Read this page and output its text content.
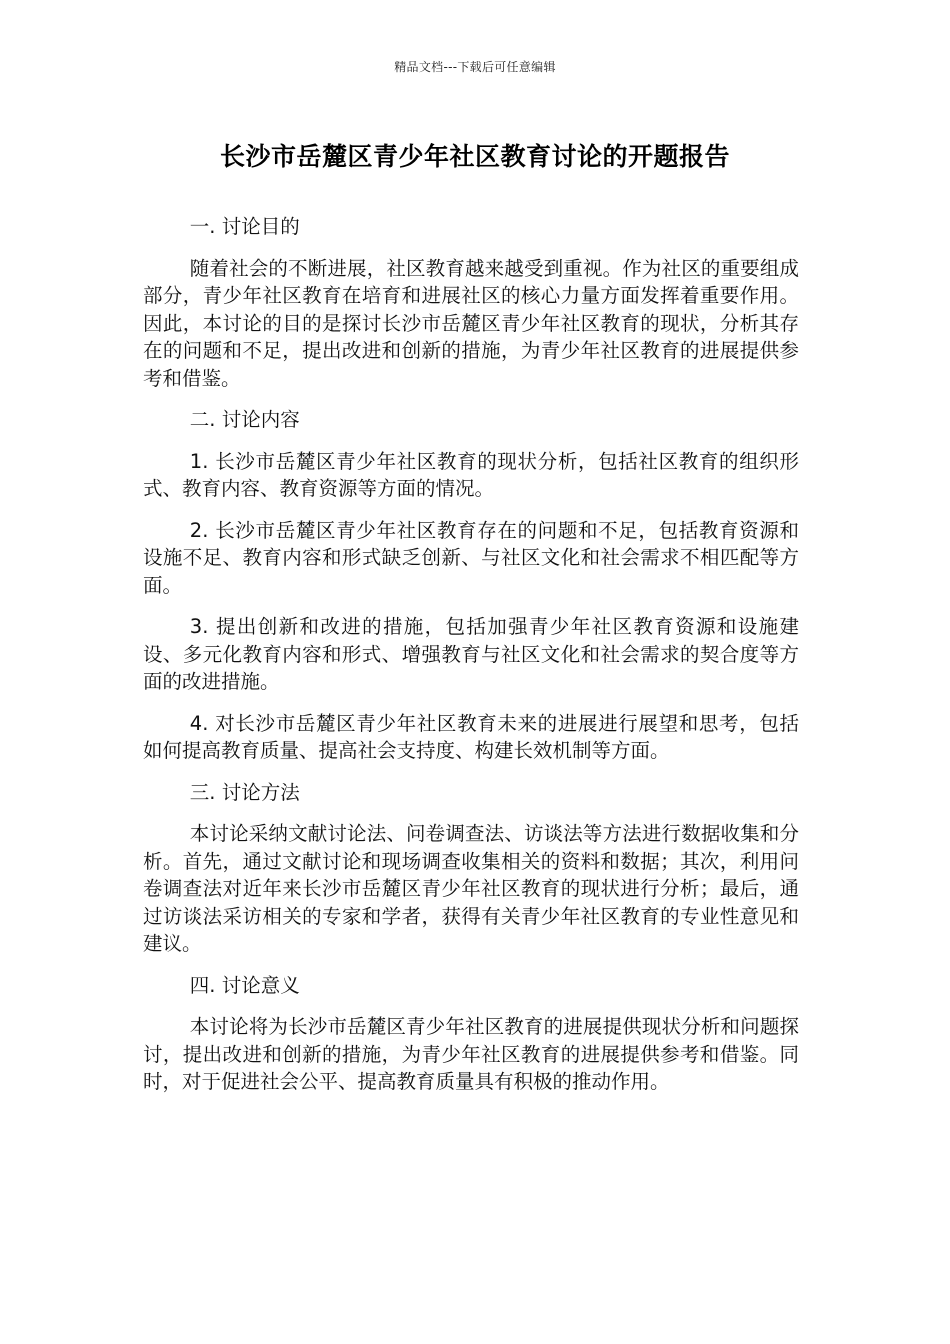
精品文档---下载后可任意编辑
长沙市岳麓区青少年社区教育讨论的开题报告

一. 讨论目的

随着社会的不断进展，社区教育越来越受到重视。作为社区的重要组成部分，青少年社区教育在培育和进展社区的核心力量方面发挥着重要作用。因此，本讨论的目的是探讨长沙市岳麓区青少年社区教育的现状，分析其存在的问题和不足，提出改进和创新的措施，为青少年社区教育的进展提供参考和借鉴。

二. 讨论内容

1. 长沙市岳麓区青少年社区教育的现状分析，包括社区教育的组织形式、教育内容、教育资源等方面的情况。

2. 长沙市岳麓区青少年社区教育存在的问题和不足，包括教育资源和设施不足、教育内容和形式缺乏创新、与社区文化和社会需求不相匹配等方面。

3. 提出创新和改进的措施，包括加强青少年社区教育资源和设施建设、多元化教育内容和形式、增强教育与社区文化和社会需求的契合度等方面的改进措施。

4. 对长沙市岳麓区青少年社区教育未来的进展进行展望和思考，包括如何提高教育质量、提高社会支持度、构建长效机制等方面。

三. 讨论方法

本讨论采纳文献讨论法、问卷调查法、访谈法等方法进行数据收集和分析。首先，通过文献讨论和现场调查收集相关的资料和数据；其次，利用问卷调查法对近年来长沙市岳麓区青少年社区教育的现状进行分析；最后，通过访谈法采访相关的专家和学者，获得有关青少年社区教育的专业性意见和建议。

四. 讨论意义

本讨论将为长沙市岳麓区青少年社区教育的进展提供现状分析和问题探讨，提出改进和创新的措施，为青少年社区教育的进展提供参考和借鉴。同时，对于促进社会公平、提高教育质量具有积极的推动作用。
